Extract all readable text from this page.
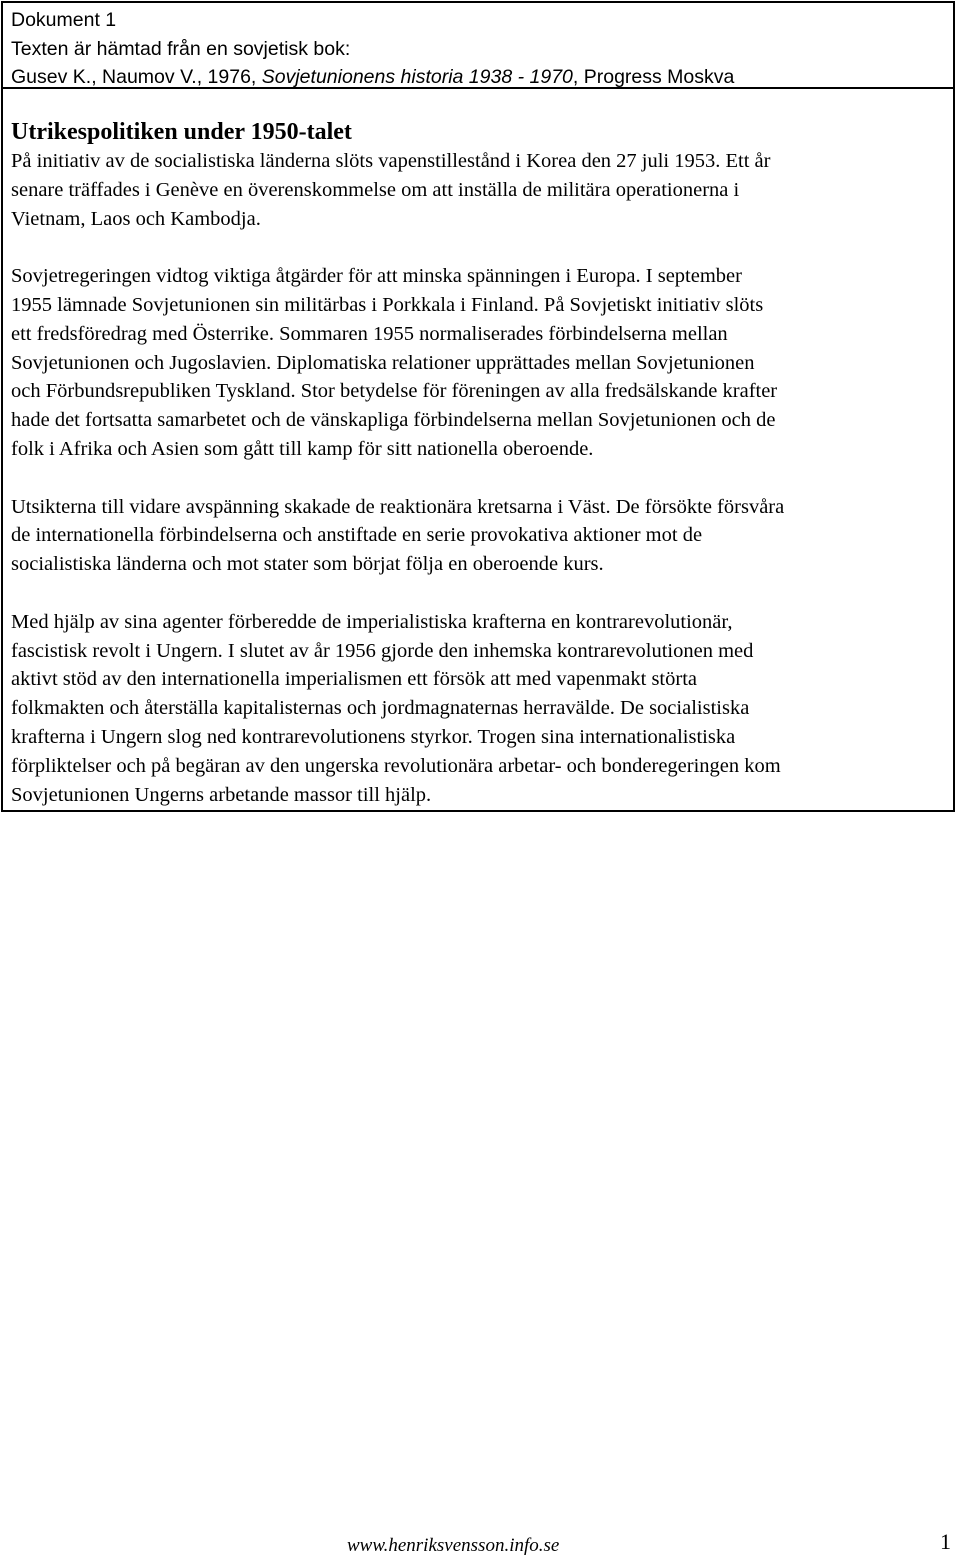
Dokument 1
Texten är hämtad från en sovjetisk bok:
Gusev K., Naumov V., 1976, Sovjetunionens historia 1938 - 1970, Progress Moskva
Utrikespolitiken under 1950-talet

På initiativ av de socialistiska länderna slöts vapenstillestånd i Korea den 27 juli 1953. Ett år
senare träffades i Genève en överenskommelse om att inställa de militära operationerna i
Vietnam, Laos och Kambodja.

Sovjetregeringen vidtog viktiga åtgärder för att minska spänningen i Europa. I september
1955 lämnade Sovjetunionen sin militärbas i Porkkala i Finland. På Sovjetiskt initiativ slöts
ett fredsföredrag med Österrike. Sommaren 1955 normaliserades förbindelserna mellan
Sovjetunionen och Jugoslavien. Diplomatiska relationer upprättades mellan Sovjetunionen
och Förbundsrepubliken Tyskland. Stor betydelse för föreningen av alla fredsälskande krafter
hade det fortsatta samarbetet och de vänskapliga förbindelserna mellan Sovjetunionen och de
folk i Afrika och Asien som gått till kamp för sitt nationella oberoende.

Utsikterna till vidare avspänning skakade de reaktionära kretsarna i Väst. De försökte försvåra
de internationella förbindelserna och anstiftade en serie provokativa aktioner mot de
socialistiska länderna och mot stater som börjat följa en oberoende kurs.

Med hjälp av sina agenter förberedde de imperialistiska krafterna en kontrarevolutionär,
fascistisk revolt i Ungern. I slutet av år 1956 gjorde den inhemska kontrarevolutionen med
aktivt stöd av den internationella imperialismen ett försök att med vapenmakt störta
folkmakten och återställa kapitalisternas och jordmagnaternas herravälde. De socialistiska
krafterna i Ungern slog ned kontrarevolutionens styrkor. Trogen sina internationalistiska
förpliktelser och på begäran av den ungerska revolutionära arbetar- och bonderegeringen kom
Sovjetunionen Ungerns arbetande massor till hjälp.

www.henriksvensson.info.se	1
